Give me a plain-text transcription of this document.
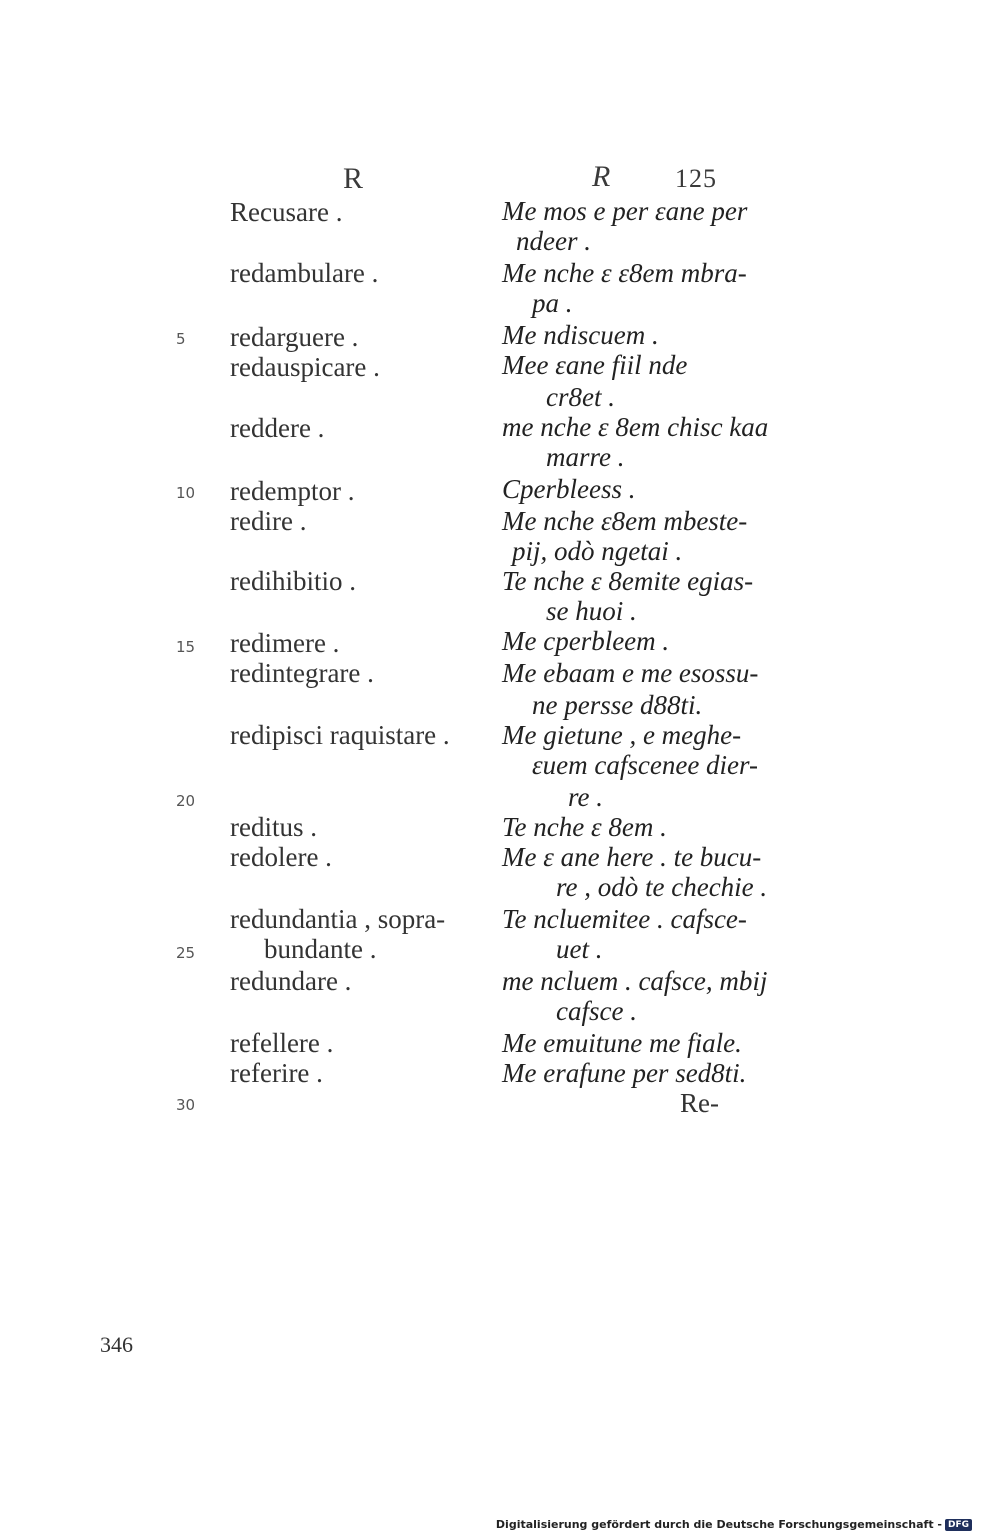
R	R 125
5
10
15
20
25
30
Recusare .
redambulare .
redarguere .
redauspicare .
reddere .
redemptor .
redire .
redihibitio .
redimere .
redintegrare .
redipisci raquistare .
reditus .
redolere .
redundantia , sopra-
bundante .
redundare .
refellere .
referire .
Me mos e per ɛane per
ndeer .
Me nche ɛ ɛ8em mbra-
pa .
Me ndiscuem .
Mee ɛane fiil nde
cr8et .
me nche ɛ 8em chisc kaa
marre .
Cperbleess .
Me nche ɛ8em mbeste-
pij, odò ngetai .
Te nche ɛ 8emite egias-
se huoi .
Me cperbleem .
Me ebaam e me esossu-
ne persse d88ti.
Me gietune , e meghe-
ɛuem cafscenee dier-
re .
Te nche ɛ 8em .
Me ɛ ane here . te bucu-
re , odò te chechie .
Te ncluemitee . cafsce-
uet .
me ncluem . cafsce, mbij
cafsce .
Me emuitune me fiale.
Me erafune per sed8ti.
Re-
346
Digitalisierung gefördert durch die Deutsche Forschungsgemeinschaft - DFG
